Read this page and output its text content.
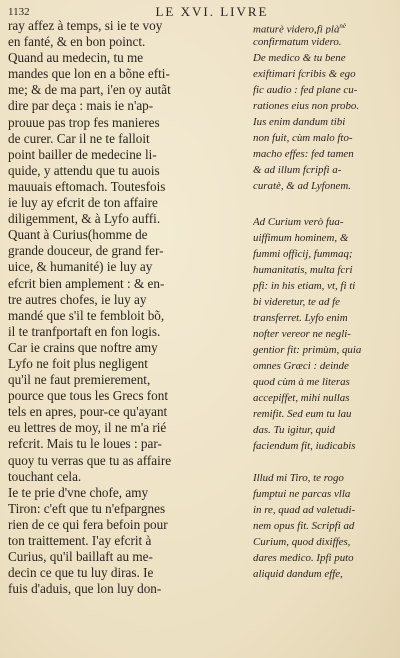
1132	LE XVI. LIVRE
ray affez à temps, si ie te voy
en fanté, & en bon poinct.
Quand au medecin, tu me
mandes que lon en a bõne efti-
me; & de ma part, i'en oy autãt
dire par deça : mais ie n'ap-
prouue pas trop fes manieres
de curer. Car il ne te falloit
point bailler de medecine li-
quide, y attendu que tu auois
mauuais eftomach. Toutesfois
ie luy ay efcrit de ton affaire
diligemment, & à Lyfo auffi.
Quant à Curius(homme de
grande douceur, de grand fer-
uice, & humanité) ie luy ay
efcrit bien amplement : & en-
tre autres chofes, ie luy ay
mandé que s'il te fembloit bõ,
il te tranfportaft en fon logis.
Car ie crains que noftre amy
Lyfo ne foit plus negligent
qu'il ne faut premierement,
pource que tous les Grecs font
tels en apres, pour-ce qu'ayant
eu lettres de moy, il ne m'a rié
refcrit. Mais tu le loues : par-
quoy tu verras que tu as affaire
touchant cela.
Ie te prie d'vne chofe, amy
Tiron: c'eft que tu n'efpargnes
rien de ce qui fera befoin pour
ton traittement. I'ay efcrit à
Curius, qu'il baillaft au me-
decin ce que tu luy diras. Ie
fuis d'aduis, que lon luy don-
maturè videro,fi plà$^{nè}$
confirmatum videro.
De medico & tu bene
exiftimari fcribis & ego
fic audio : fed plane cu-
rationes eius non probo.
Ius enim dandum tibi
non fuit, cùm malo fto-
macho effes: fed tamen
& ad illum fcripfi a-
curatè, & ad Lyfonem.
Ad Curium verò fua-
uiffimum hominem, &
fummi officij, fummaq;
humanitatis, multa fcri
pfi: in his etiam, vt, fi ti
bi videretur, te ad fe
transferret. Lyfo enim
nofter vereor ne negli-
gentior fit: primùm, quia
omnes Græci : deinde
quod cùm à me literas
accepiffet, mihi nullas
remifit. Sed eum tu lau
das. Tu igitur, quid
faciendum fit, iudicabis
Illud mi Tiro, te rogo
fumptui ne parcas vlla
in re, quad ad valetudi-
nem opus fit. Scripfi ad
Curium, quod dixiffes,
dares medico. Ipfi puto
aliquid dandum effe,
